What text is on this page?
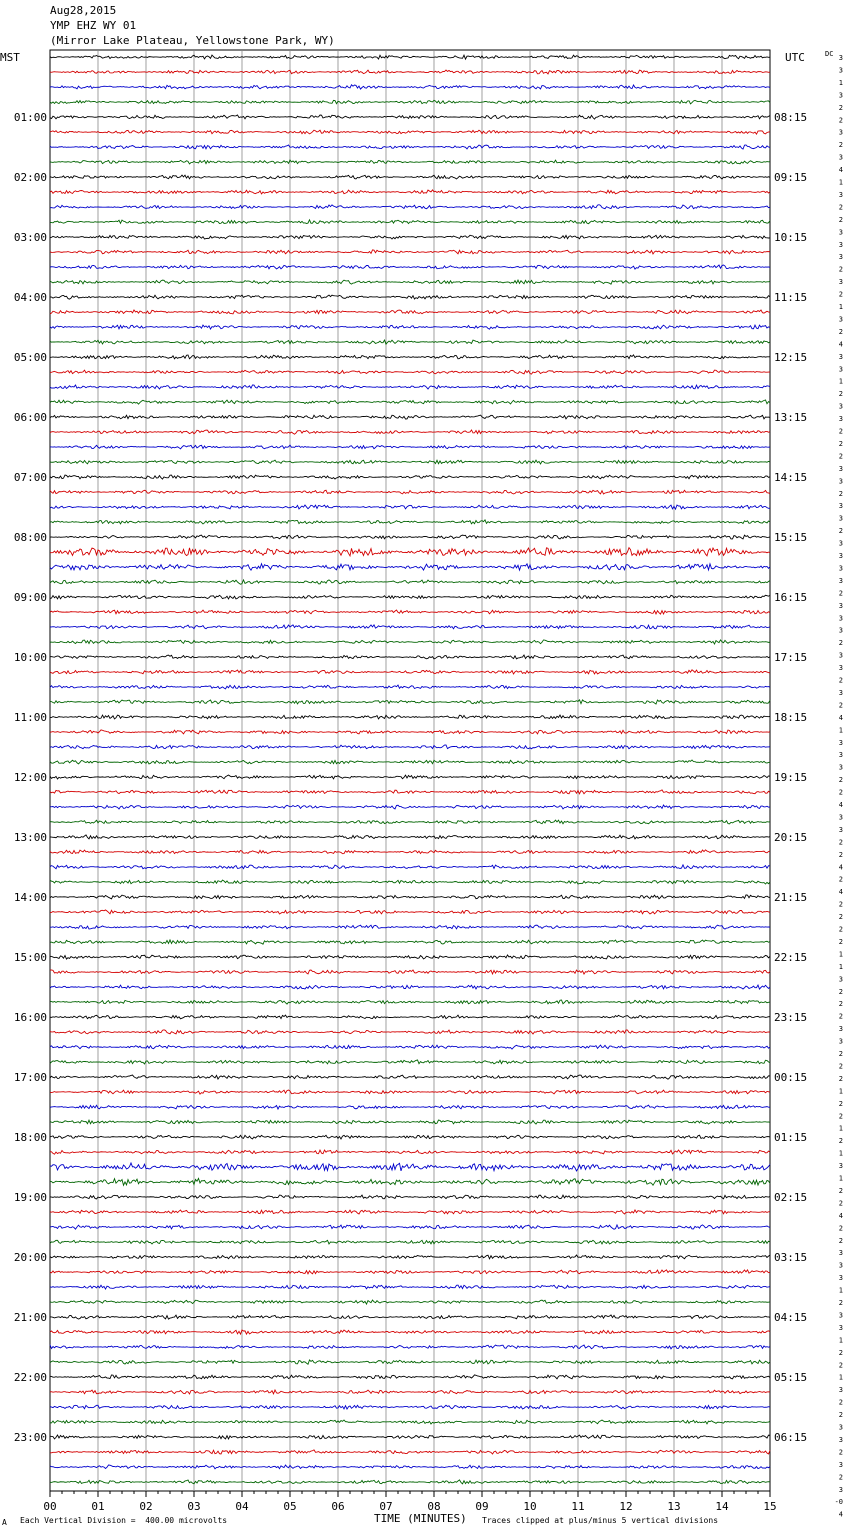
Aug28,2015
YMP EHZ WY 01
(Mirror Lake Plateau, Yellowstone Park, WY)
MST	UTC	DC
01:00
02:00
03:00
04:00
05:00
06:00
07:00
08:00
09:00
10:00
11:00
12:00
13:00
14:00
15:00
16:00
17:00
18:00
19:00
20:00
21:00
22:00
23:00
08:15
09:15
10:15
11:15
12:15
13:15
14:15
15:15
16:15
17:15
18:15
19:15
20:15
21:15
22:15
23:15
00:15
01:15
02:15
03:15
04:15
05:15
06:15
3
3
1
3
2
2
3
2
3
4
1
3
2
2
3
3
3
2
3
2
1
3
2
4
3
3
1
2
3
3
2
2
2
3
3
2
3
3
2
3
3
3
3
2
3
3
3
2
3
3
2
3
2
4
1
3
3
3
2
2
4
3
3
2
2
4
2
4
2
2
2
2
1
1
3
2
2
2
3
3
2
2
2
1
2
2
1
2
1
3
1
2
2
4
2
2
3
3
3
1
2
3
3
1
2
2
1
3
2
2
3
3
2
3
2
3
-0
4
00	01	02	03	04	05	06	07	08	09	10	11	12	13	14	15
A Each Vertical Division =  400.00 microvolts	TIME (MINUTES) Traces clipped at plus/minus 5 vertical divisions
